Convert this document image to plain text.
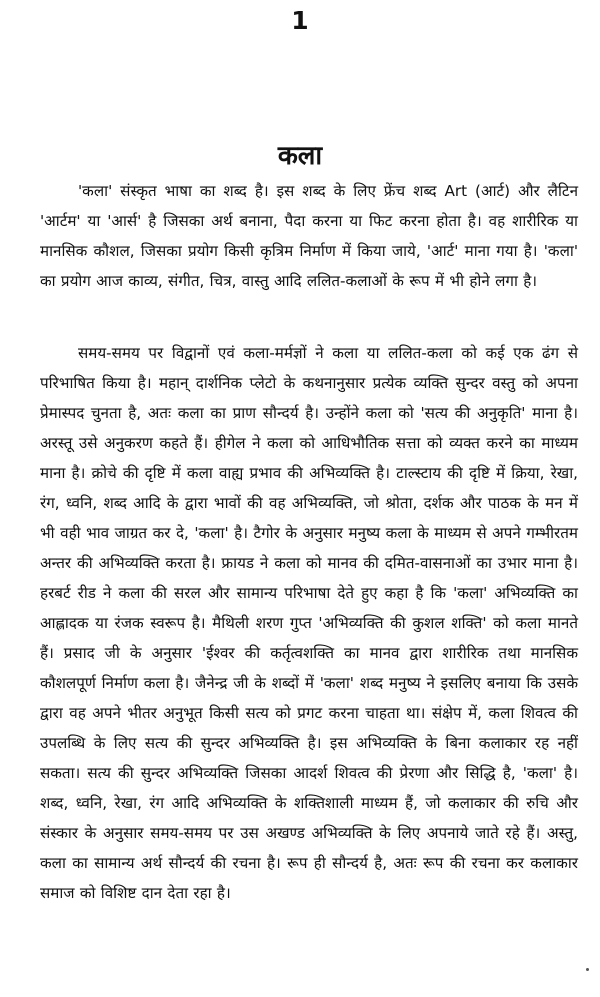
1
कला

'कला' संस्कृत भाषा का शब्द है। इस शब्द के लिए फ्रेंच शब्द Art (आर्ट) और लैटिन 'आर्टम' या 'आर्स' है जिसका अर्थ बनाना, पैदा करना या फिट करना होता है। वह शारीरिक या मानसिक कौशल, जिसका प्रयोग किसी कृत्रिम निर्माण में किया जाये, 'आर्ट' माना गया है। 'कला' का प्रयोग आज काव्य, संगीत, चित्र, वास्तु आदि ललित-कलाओं के रूप में भी होने लगा है।

समय-समय पर विद्वानों एवं कला-मर्मज्ञों ने कला या ललित-कला को कई एक ढंग से परिभाषित किया है। महान् दार्शनिक प्लेटो के कथनानुसार प्रत्येक व्यक्ति सुन्दर वस्तु को अपना प्रेमास्पद चुनता है, अतः कला का प्राण सौन्दर्य है। उन्होंने कला को 'सत्य की अनुकृति' माना है। अरस्तू उसे अनुकरण कहते हैं। हीगेल ने कला को आधिभौतिक सत्ता को व्यक्त करने का माध्यम माना है। क्रोचे की दृष्टि में कला वाह्य प्रभाव की अभिव्यक्ति है। टाल्स्टाय की दृष्टि में क्रिया, रेखा, रंग, ध्वनि, शब्द आदि के द्वारा भावों की वह अभिव्यक्ति, जो श्रोता, दर्शक और पाठक के मन में भी वही भाव जाग्रत कर दे, 'कला' है। टैगोर के अनुसार मनुष्य कला के माध्यम से अपने गम्भीरतम अन्तर की अभिव्यक्ति करता है। फ्रायड ने कला को मानव की दमित-वासनाओं का उभार माना है। हरबर्ट रीड ने कला की सरल और सामान्य परिभाषा देते हुए कहा है कि 'कला' अभिव्यक्ति का आह्लादक या रंजक स्वरूप है। मैथिली शरण गुप्त 'अभिव्यक्ति की कुशल शक्ति' को कला मानते हैं। प्रसाद जी के अनुसार 'ईश्वर की कर्तृत्वशक्ति का मानव द्वारा शारीरिक तथा मानसिक कौशलपूर्ण निर्माण कला है। जैनेन्द्र जी के शब्दों में 'कला' शब्द मनुष्य ने इसलिए बनाया कि उसके द्वारा वह अपने भीतर अनुभूत किसी सत्य को प्रगट करना चाहता था। संक्षेप में, कला शिवत्व की उपलब्धि के लिए सत्य की सुन्दर अभिव्यक्ति है। इस अभिव्यक्ति के बिना कलाकार रह नहीं सकता। सत्य की सुन्दर अभिव्यक्ति जिसका आदर्श शिवत्व की प्रेरणा और सिद्धि है, 'कला' है। शब्द, ध्वनि, रेखा, रंग आदि अभिव्यक्ति के शक्तिशाली माध्यम हैं, जो कलाकार की रुचि और संस्कार के अनुसार समय-समय पर उस अखण्ड अभिव्यक्ति के लिए अपनाये जाते रहे हैं। अस्तु, कला का सामान्य अर्थ सौन्दर्य की रचना है। रूप ही सौन्दर्य है, अतः रूप की रचना कर कलाकार समाज को विशिष्ट दान देता रहा है।
